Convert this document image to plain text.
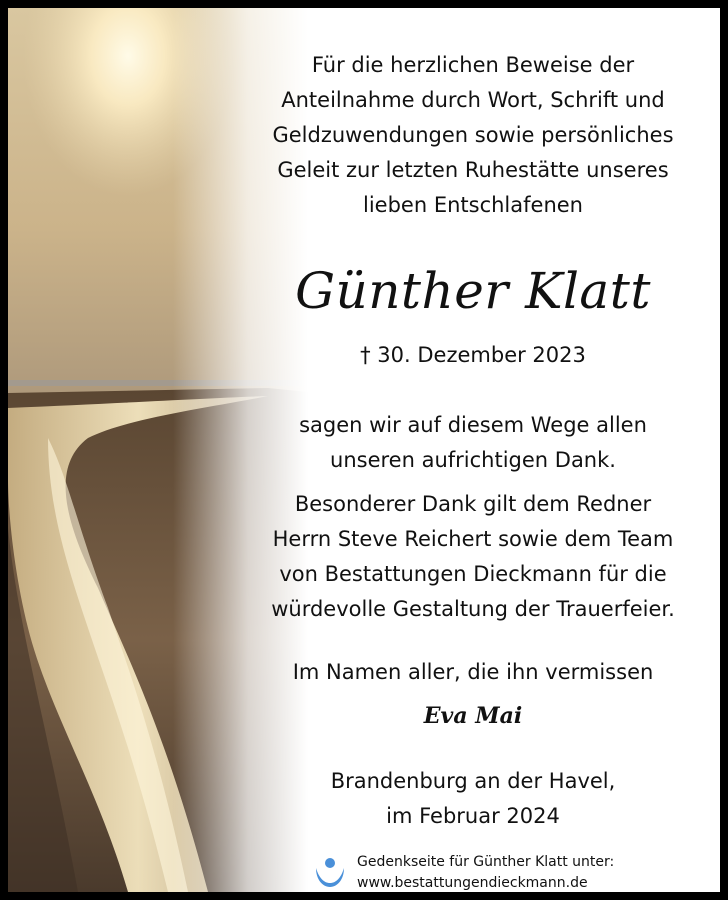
Für die herzlichen Beweise der
Anteilnahme durch Wort, Schrift und
Geldzuwendungen sowie persönliches
Geleit zur letzten Ruhestätte unseres
lieben Entschlafenen
Günther Klatt
† 30. Dezember 2023
sagen wir auf diesem Wege allen
unseren aufrichtigen Dank.
Besonderer Dank gilt dem Redner
Herrn Steve Reichert sowie dem Team
von Bestattungen Dieckmann für die
würdevolle Gestaltung der Trauerfeier.
Im Namen aller, die ihn vermissen
Eva Mai
Brandenburg an der Havel,
im Februar 2024
Gedenkseite für Günther Klatt unter:
www.bestattungendieckmann.de
